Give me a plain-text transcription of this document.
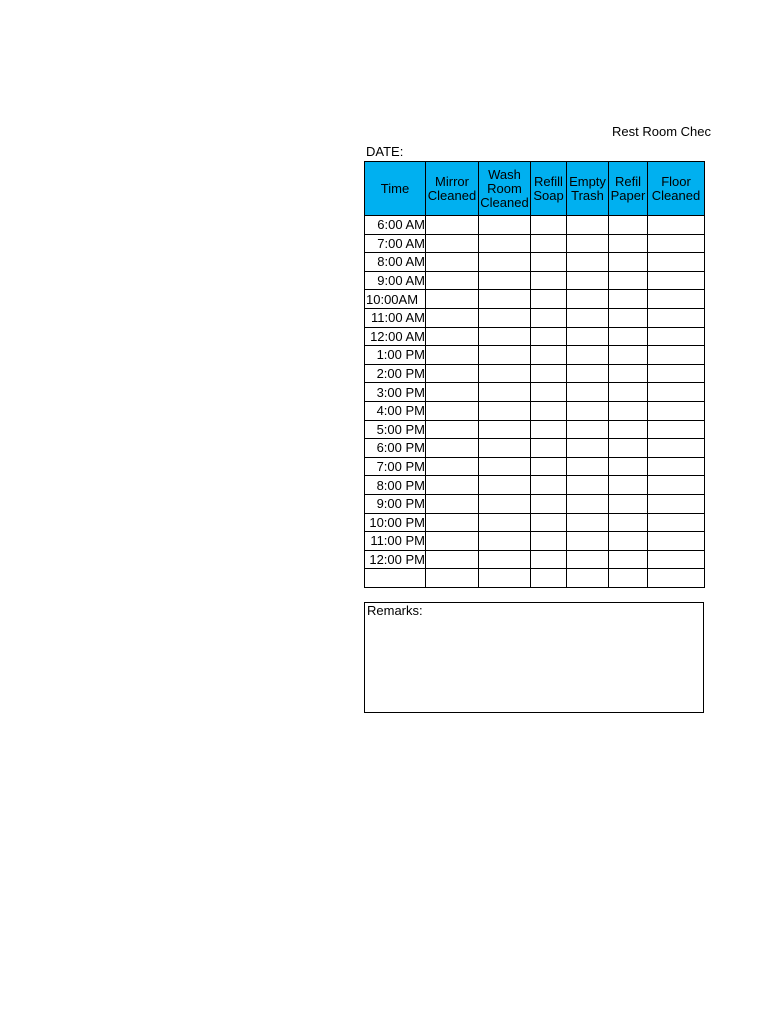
Rest Room Chec
DATE:
Time	Mirror Cleaned	Wash Room Cleaned	Refill Soap	Empty Trash	Refil Paper	Floor Cleaned
6:00 AM						
7:00 AM						
8:00 AM						
9:00 AM						
10:00AM						
11:00 AM						
12:00 AM						
1:00 PM						
2:00 PM						
3:00 PM						
4:00 PM						
5:00 PM						
6:00 PM						
7:00 PM						
8:00 PM						
9:00 PM						
10:00 PM						
11:00 PM						
12:00 PM						

Remarks:
